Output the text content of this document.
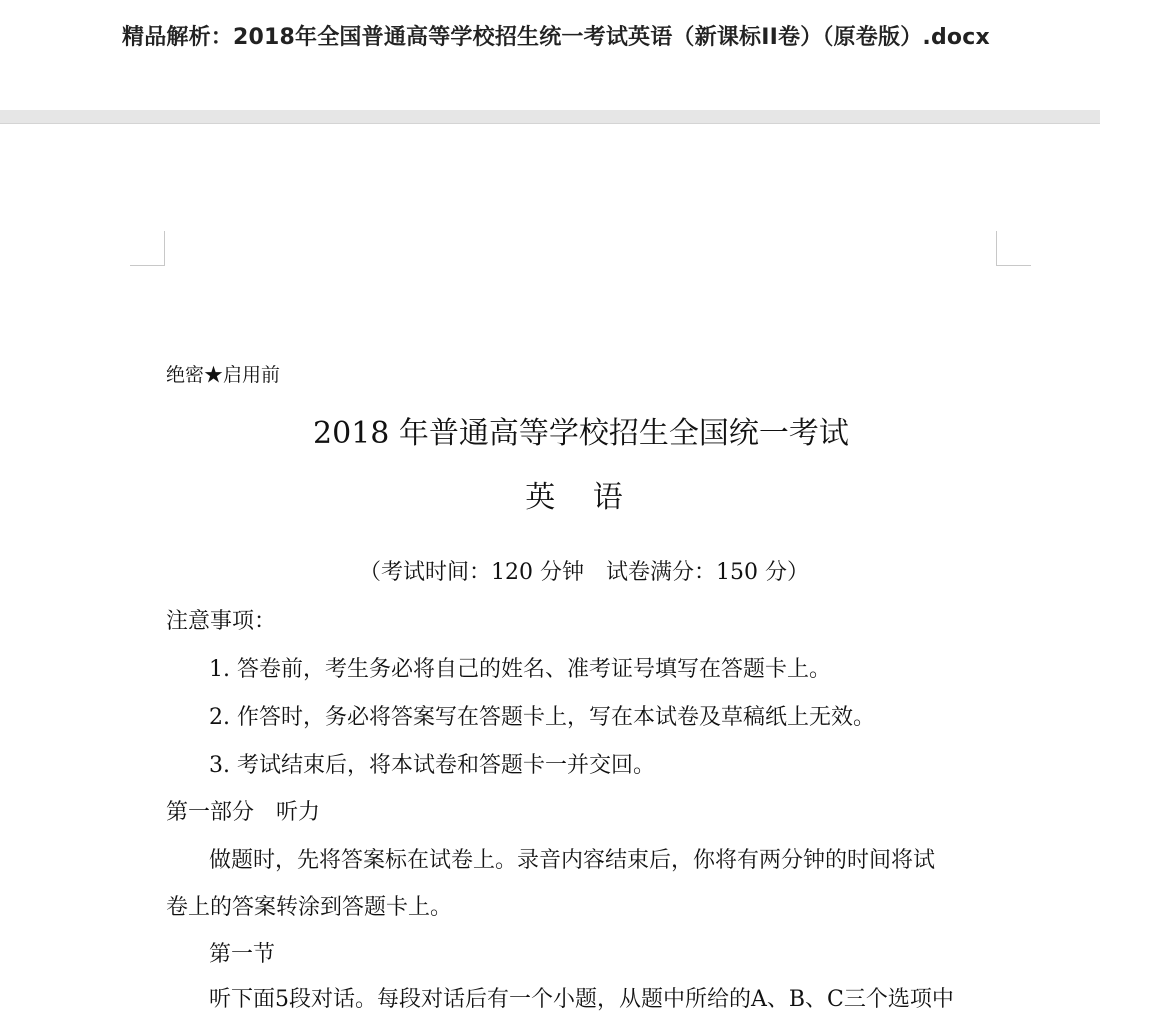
精品解析：2018年全国普通高等学校招生统一考试英语（新课标II卷）（原卷版）.docx
绝密★启用前
2018 年普通高等学校招生全国统一考试
英 语
（考试时间：120 分钟　试卷满分：150 分）
注意事项：
1. 答卷前，考生务必将自己的姓名、准考证号填写在答题卡上。
2. 作答时，务必将答案写在答题卡上，写在本试卷及草稿纸上无效。
3. 考试结束后，将本试卷和答题卡一并交回。
第一部分　听力
做题时，先将答案标在试卷上。录音内容结束后，你将有两分钟的时间将试
卷上的答案转涂到答题卡上。
第一节
听下面5段对话。每段对话后有一个小题，从题中所给的A、B、C三个选项中
